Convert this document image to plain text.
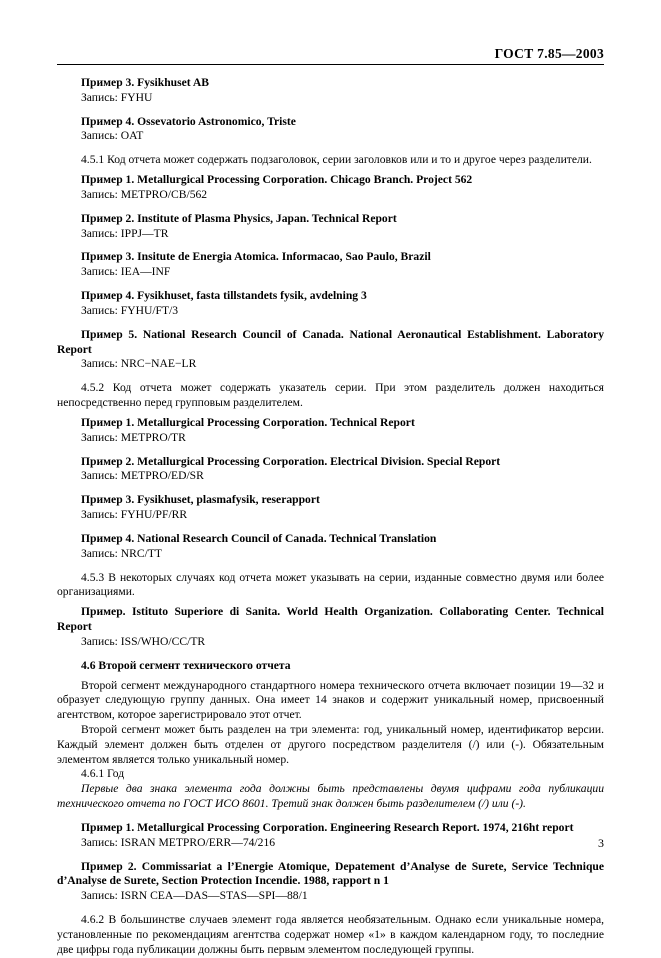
ГОСТ 7.85—2003

Пример 3. Fysikhuset AB

Запись: FYHU

Пример 4. Ossevatorio Astronomico, Triste

Запись: OAT

4.5.1 Код отчета может содержать подзаголовок, серии заголовков или и то и другое через разделители.

Пример 1. Metallurgical Processing Corporation. Chicago Branch. Project 562

Запись: METPRO/CB/562

Пример 2. Institute of Plasma Physics, Japan. Technical Report

Запись: IPPJ—TR

Пример 3. Insitute de Energia Atomica. Informacao, Sao Paulo, Brazil

Запись: IEA—INF

Пример 4. Fysikhuset, fasta tillstandets fysik, avdelning 3

Запись: FYHU/FT/3

Пример 5. National Research Council of Canada. National Aeronautical Establishment. Laboratory Report

Запись: NRC−NAE−LR

4.5.2 Код отчета может содержать указатель серии. При этом разделитель должен находиться непосредственно перед групповым разделителем.

Пример 1. Metallurgical Processing Corporation. Technical Report

Запись: METPRO/TR

Пример 2. Metallurgical Processing Corporation. Electrical Division. Special Report

Запись: METPRO/ED/SR

Пример 3. Fysikhuset, plasmafysik, reserapport

Запись: FYHU/PF/RR

Пример 4. National Research Council of Canada. Technical Translation

Запись: NRC/TT

4.5.3 В некоторых случаях код отчета может указывать на серии, изданные совместно двумя или более организациями.

Пример. Istituto Superiore di Sanita. World Health Organization. Collaborating Center. Technical Report

Запись: ISS/WHO/CC/TR

4.6 Второй сегмент технического отчета

Второй сегмент международного стандартного номера технического отчета включает позиции 19—32 и образует следующую группу данных. Она имеет 14 знаков и содержит уникальный номер, присвоенный агентством, которое зарегистрировало этот отчет.

Второй сегмент может быть разделен на три элемента: год, уникальный номер, идентификатор версии. Каждый элемент должен быть отделен от другого посредством разделителя (/) или (-). Обязательным элементом является только уникальный номер.

4.6.1 Год

Первые два знака элемента года должны быть представлены двумя цифрами года публикации технического отчета по ГОСТ ИСО 8601. Третий знак должен быть разделителем (/) или (-).

Пример 1. Metallurgical Processing Corporation. Engineering Research Report. 1974, 216ht report

Запись: ISRAN METPRO/ERR—74/216

Пример 2. Commissariat a l’Energie Atomique, Depatement d’Analyse de Surete, Service Technique d’Analyse de Surete, Section Protection Incendie. 1988, rapport n 1

Запись: ISRN CEA—DAS—STAS—SPI—88/1

4.6.2 В большинстве случаев элемент года является необязательным. Однако если уникальные номера, установленные по рекомендациям агентства содержат номер «1» в каждом календарном году, то последние две цифры года публикации должны быть первым элементом последующей группы.

3
